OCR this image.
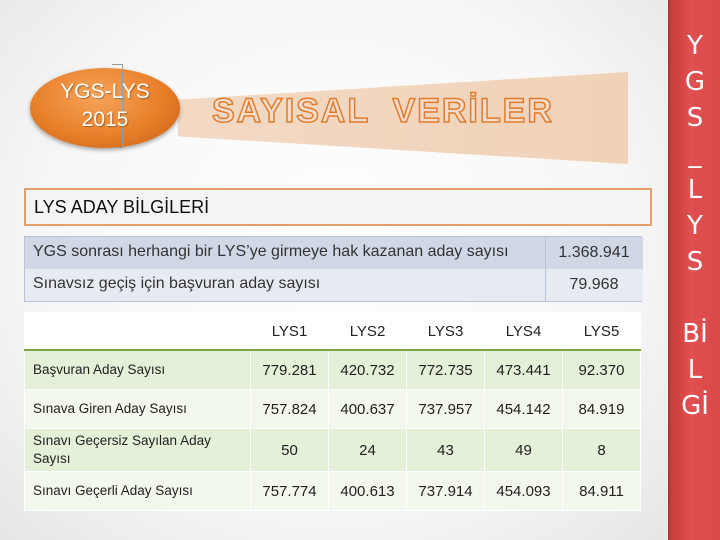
Y
G
S
_
L
Y
S

Bİ
L
Gİ
SAYISAL  VERİLER
YGS-LYS
2015
LYS ADAY BİLGİLERİ
YGS sonrası herhangi bir LYS’ye girmeye hak kazanan aday sayısı	1.368.941
Sınavsız geçiş için başvuran aday sayısı	79.968
	LYS1	LYS2	LYS3	LYS4	LYS5
Başvuran Aday Sayısı	779.281	420.732	772.735	473.441	92.370
Sınava Giren Aday Sayısı	757.824	400.637	737.957	454.142	84.919
Sınavı Geçersiz Sayılan Aday Sayısı	50	24	43	49	8
Sınavı Geçerli Aday Sayısı	757.774	400.613	737.914	454.093	84.911
